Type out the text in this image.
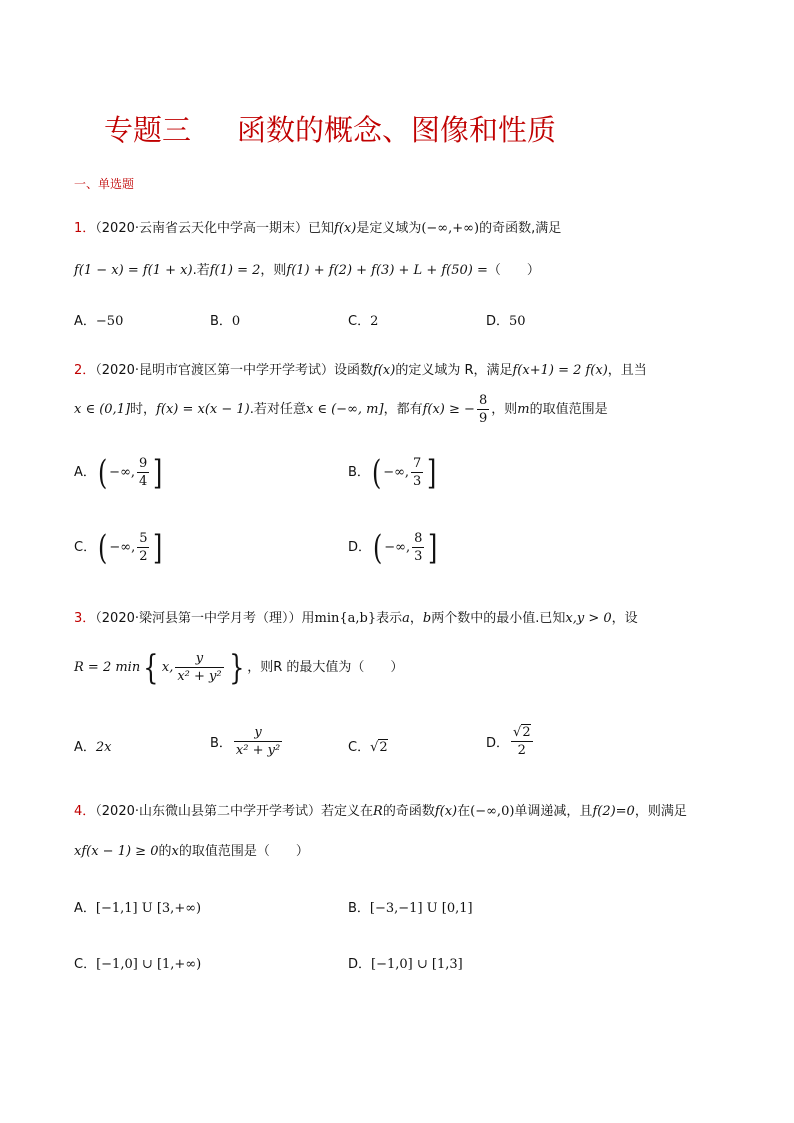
专题三 函数的概念、图像和性质
一、单选题
1．（2020·云南省云天化中学高一期末）已知f(x)是定义域为(−∞,+∞)的奇函数,满足
f(1 − x) = f(1 + x).若f(1) = 2，则f(1) + f(2) + f(3) + L + f(50) =（　　）
A．−50	B．0	C．2	D．50
2．（2020·昆明市官渡区第一中学开学考试）设函数f(x)的定义域为 R，满足f(x+1) = 2 f(x)，且当
x ∈ (0,1]时，f(x) = x(x − 1).若对任意x ∈ (−∞, m]，都有f(x) ≥ − $\frac{8}{9}$ ，则m的取值范围是
A．( −∞, $\frac{9}{4}$ ]	B．( −∞, $\frac{7}{3}$ ]
C．( −∞, $\frac{5}{2}$ ]	D．( −∞, $\frac{8}{3}$ ]
3．（2020·梁河县第一中学月考（理））用min{a,b}表示a，b两个数中的最小值.已知x,y > 0，设
R = 2 min{ x, $\frac{y}{\text{x² + y²}}$ } ，则R 的最大值为（　　）
A．2x	B． $\frac{y}{\text{x² + y²}}$	C．√2	D． $\frac{√2}{2}$
4．（2020·山东微山县第二中学开学考试）若定义在R的奇函数f(x)在(−∞,0)单调递减，且f(2)=0，则满足
xf(x − 1) ≥ 0的x的取值范围是（　　）
A．[−1,1] U [3,+∞)	B．[−3,−1] U [0,1]
C．[−1,0] ∪ [1,+∞)	D．[−1,0] ∪ [1,3]
